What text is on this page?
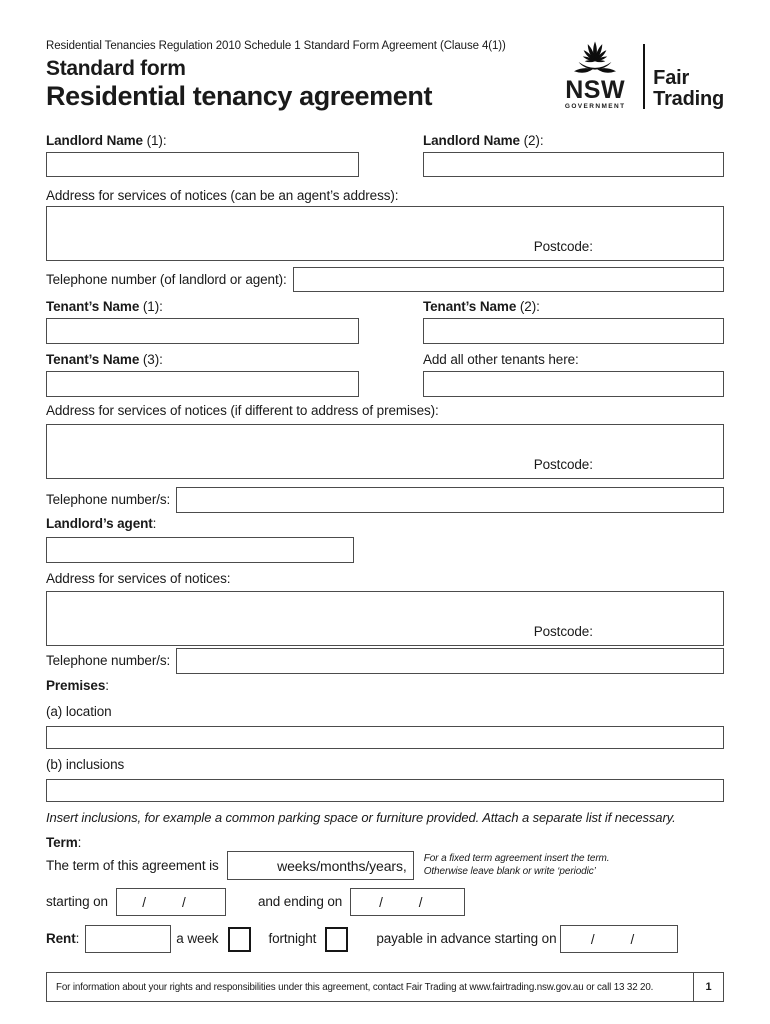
Residential Tenancies Regulation 2010 Schedule 1 Standard Form Agreement (Clause 4(1))
Standard form
Residential tenancy agreement
Landlord Name (1):	Landlord Name (2):
Address for services of notices (can be an agent’s address):
Postcode:
Telephone number (of landlord or agent):
Tenant’s Name (1):	Tenant’s Name (2):
Tenant’s Name (3):	Add all other tenants here:
Address for services of notices (if different to address of premises):
Postcode:
Telephone number/s:
Landlord’s agent:
Address for services of notices:
Postcode:
Telephone number/s:
Premises:
(a) location
(b) inclusions
Insert inclusions, for example a common parking space or furniture provided. Attach a separate list if necessary.
Term:
The term of this agreement is	weeks/months/years, For a fixed term agreement insert the term.
Otherwise leave blank or write ‘periodic’
starting on	/	/	and ending on	/	/
Rent:	a week	fortnight	payable in advance starting on	/	/
NSW
GOVERNMENT
Fair
Trading
For information about your rights and responsibilities under this agreement, contact Fair Trading at www.fairtrading.nsw.gov.au or call 13 32 20.	1
